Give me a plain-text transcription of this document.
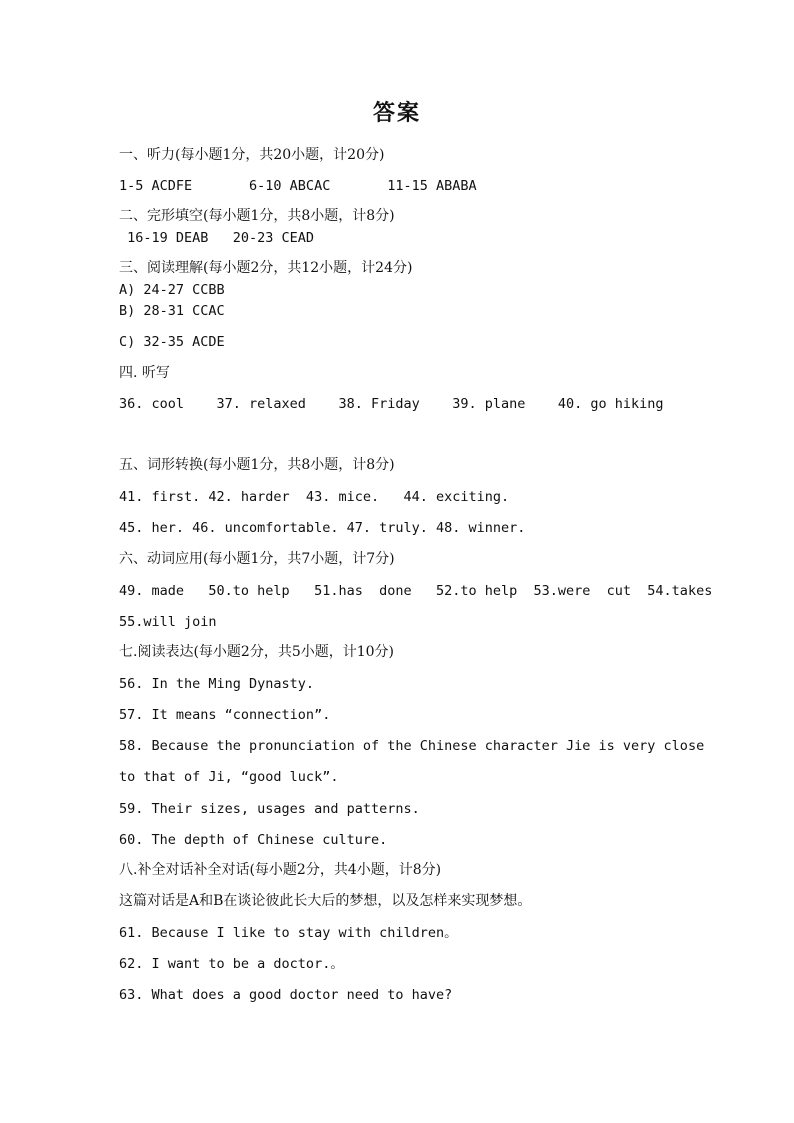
答案
一、听力(每小题1分，共20小题，计20分)
1-5 ACDFE       6-10 ABCAC       11-15 ABABA
二、完形填空(每小题1分，共8小题，计8分)
16-19 DEAB   20-23 CEAD
三、阅读理解(每小题2分，共12小题，计24分)
A) 24-27 CCBB
B) 28-31 CCAC
C) 32-35 ACDE
四. 听写
36. cool    37. relaxed    38. Friday    39. plane    40. go hiking
五、词形转换(每小题1分，共8小题，计8分)
41. first. 42. harder  43. mice.   44. exciting.
45. her. 46. uncomfortable. 47. truly. 48. winner.
六、动词应用(每小题1分，共7小题，计7分)
49. made   50.to help   51.has  done   52.to help  53.were  cut  54.takes
55.will join
七.阅读表达(每小题2分，共5小题，计10分)
56. In the Ming Dynasty.
57. It means “connection”.
58. Because the pronunciation of the Chinese character Jie is very close
to that of Ji, “good luck”.
59. Their sizes, usages and patterns.
60. The depth of Chinese culture.
八.补全对话补全对话(每小题2分，共4小题，计8分)
这篇对话是A和B在谈论彼此长大后的梦想，以及怎样来实现梦想。
61. Because I like to stay with children。
62. I want to be a doctor.。
63. What does a good doctor need to have?
